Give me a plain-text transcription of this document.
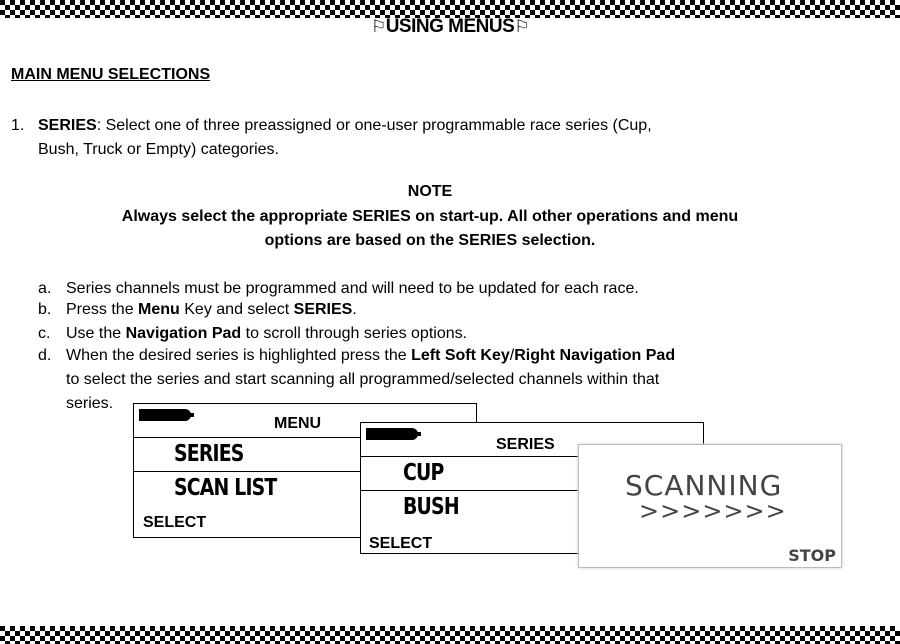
⚐USING MENUS⚐
MAIN MENU SELECTIONS
1. SERIES: Select one of three preassigned or one-user programmable race series (Cup,
Bush, Truck or Empty) categories.
NOTE
Always select the appropriate SERIES on start-up. All other operations and menu
options are based on the SERIES selection.
a. Series channels must be programmed and will need to be updated for each race.
b. Press the Menu Key and select SERIES.
c. Use the Navigation Pad to scroll through series options.
d. When the desired series is highlighted press the Left Soft Key/Right Navigation Pad
to select the series and start scanning all programmed/selected channels within that
series.
MENU
SERIES
SCAN LIST
SELECT
SERIES
CUP
BUSH
SELECT
SCANNING
>>>>>>>
STOP
